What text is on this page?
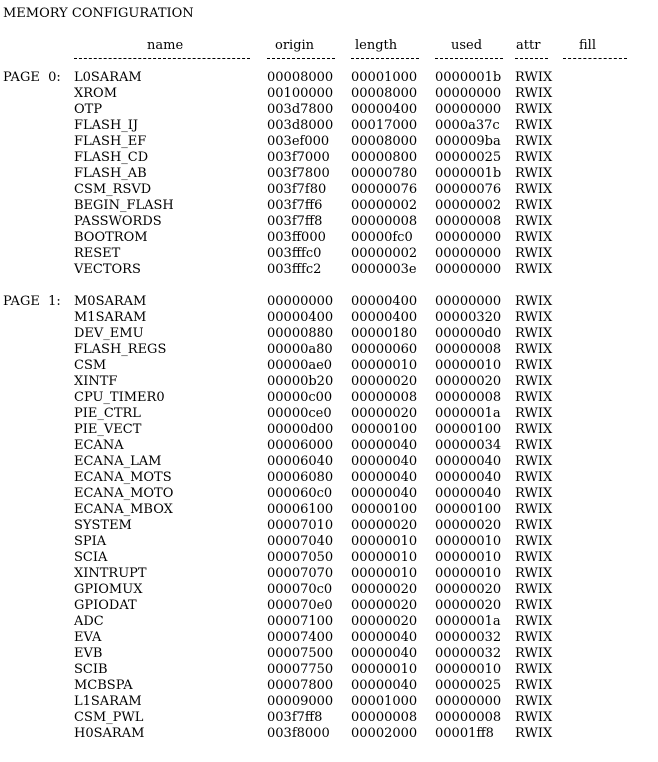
MEMORY CONFIGURATION
name	origin	length	used	attr	fill
PAGE  0: L0SARAM	00008000 00001000 0000001b RWIX
XROM	00100000 00008000 00000000 RWIX
OTP	003d7800 00000400 00000000 RWIX
FLASH_IJ	003d8000 00017000 0000a37c RWIX
FLASH_EF	003ef000 00008000 000009ba RWIX
FLASH_CD	003f7000 00000800 00000025 RWIX
FLASH_AB	003f7800 00000780 0000001b RWIX
CSM_RSVD	003f7f80 00000076 00000076 RWIX
BEGIN_FLASH	003f7ff6 00000002 00000002 RWIX
PASSWORDS	003f7ff8 00000008 00000008 RWIX
BOOTROM	003ff000 00000fc0 00000000 RWIX
RESET	003fffc0 00000002 00000000 RWIX
VECTORS	003fffc2 0000003e 00000000 RWIX
PAGE  1: M0SARAM	00000000 00000400 00000000 RWIX
M1SARAM	00000400 00000400 00000320 RWIX
DEV_EMU	00000880 00000180 000000d0 RWIX
FLASH_REGS	00000a80 00000060 00000008 RWIX
CSM	00000ae0 00000010 00000010 RWIX
XINTF	00000b20 00000020 00000020 RWIX
CPU_TIMER0	00000c00 00000008 00000008 RWIX
PIE_CTRL	00000ce0 00000020 0000001a RWIX
PIE_VECT	00000d00 00000100 00000100 RWIX
ECANA	00006000 00000040 00000034 RWIX
ECANA_LAM	00006040 00000040 00000040 RWIX
ECANA_MOTS	00006080 00000040 00000040 RWIX
ECANA_MOTO	000060c0 00000040 00000040 RWIX
ECANA_MBOX	00006100 00000100 00000100 RWIX
SYSTEM	00007010 00000020 00000020 RWIX
SPIA	00007040 00000010 00000010 RWIX
SCIA	00007050 00000010 00000010 RWIX
XINTRUPT	00007070 00000010 00000010 RWIX
GPIOMUX	000070c0 00000020 00000020 RWIX
GPIODAT	000070e0 00000020 00000020 RWIX
ADC	00007100 00000020 0000001a RWIX
EVA	00007400 00000040 00000032 RWIX
EVB	00007500 00000040 00000032 RWIX
SCIB	00007750 00000010 00000010 RWIX
MCBSPA	00007800 00000040 00000025 RWIX
L1SARAM	00009000 00001000 00000000 RWIX
CSM_PWL	003f7ff8 00000008 00000008 RWIX
H0SARAM	003f8000 00002000 00001ff8 RWIX
